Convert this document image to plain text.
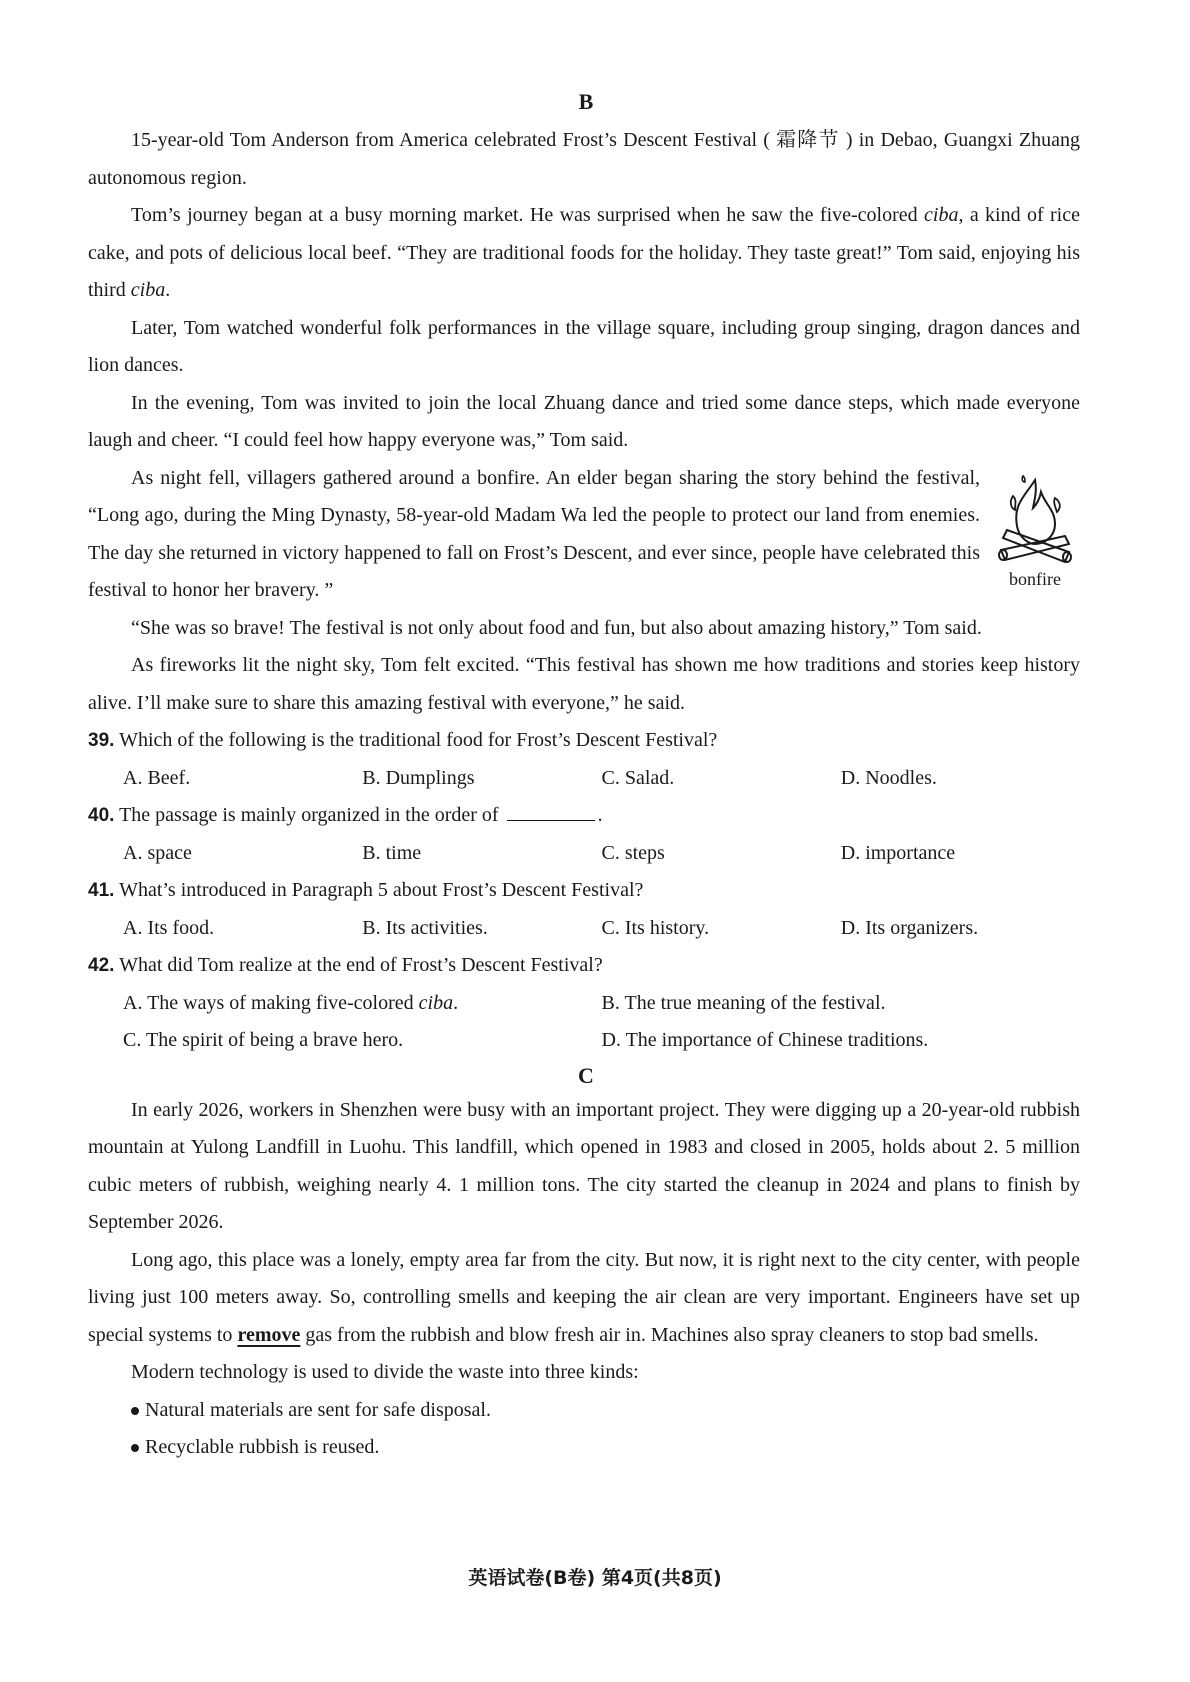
B

15-year-old Tom Anderson from America celebrated Frost’s Descent Festival ( 霜降节 ) in Debao, Guangxi Zhuang autonomous region.

Tom’s journey began at a busy morning market. He was surprised when he saw the five-colored ciba, a kind of rice cake, and pots of delicious local beef. “They are traditional foods for the holiday. They taste great!” Tom said, enjoying his third ciba.

Later, Tom watched wonderful folk performances in the village square, including group singing, dragon dances and lion dances.

In the evening, Tom was invited to join the local Zhuang dance and tried some dance steps, which made everyone laugh and cheer. “I could feel how happy everyone was,” Tom said.

As night fell, villagers gathered around a bonfire. An elder began sharing the story behind the festival, “Long ago, during the Ming Dynasty, 58-year-old Madam Wa led the people to protect our land from enemies. The day she returned in victory happened to fall on Frost’s Descent, and ever since, people have celebrated this festival to honor her bravery. ”

bonfire

“She was so brave! The festival is not only about food and fun, but also about amazing history,” Tom said.

As fireworks lit the night sky, Tom felt excited. “This festival has shown me how traditions and stories keep history alive. I’ll make sure to share this amazing festival with everyone,” he said.

39. Which of the following is the traditional food for Frost’s Descent Festival?

A. Beef.	B. Dumplings	C. Salad.	D. Noodles.

40. The passage is mainly organized in the order of	.

A. space	B. time	C. steps	D. importance

41. What’s introduced in Paragraph 5 about Frost’s Descent Festival?

A. Its food.	B. Its activities.	C. Its history.	D. Its organizers.

42. What did Tom realize at the end of Frost’s Descent Festival?

A. The ways of making five-colored ciba.	B. The true meaning of the festival.
C. The spirit of being a brave hero.	D. The importance of Chinese traditions.
C

In early 2026, workers in Shenzhen were busy with an important project. They were digging up a 20-year-old rubbish mountain at Yulong Landfill in Luohu. This landfill, which opened in 1983 and closed in 2005, holds about 2. 5 million cubic meters of rubbish, weighing nearly 4. 1 million tons. The city started the cleanup in 2024 and plans to finish by September 2026.

Long ago, this place was a lonely, empty area far from the city. But now, it is right next to the city center, with people living just 100 meters away. So, controlling smells and keeping the air clean are very important. Engineers have set up special systems to remove gas from the rubbish and blow fresh air in. Machines also spray cleaners to stop bad smells.

Modern technology is used to divide the waste into three kinds:

Natural materials are sent for safe disposal.

Recyclable rubbish is reused.

英语试卷(B卷) 第4页(共8页)
